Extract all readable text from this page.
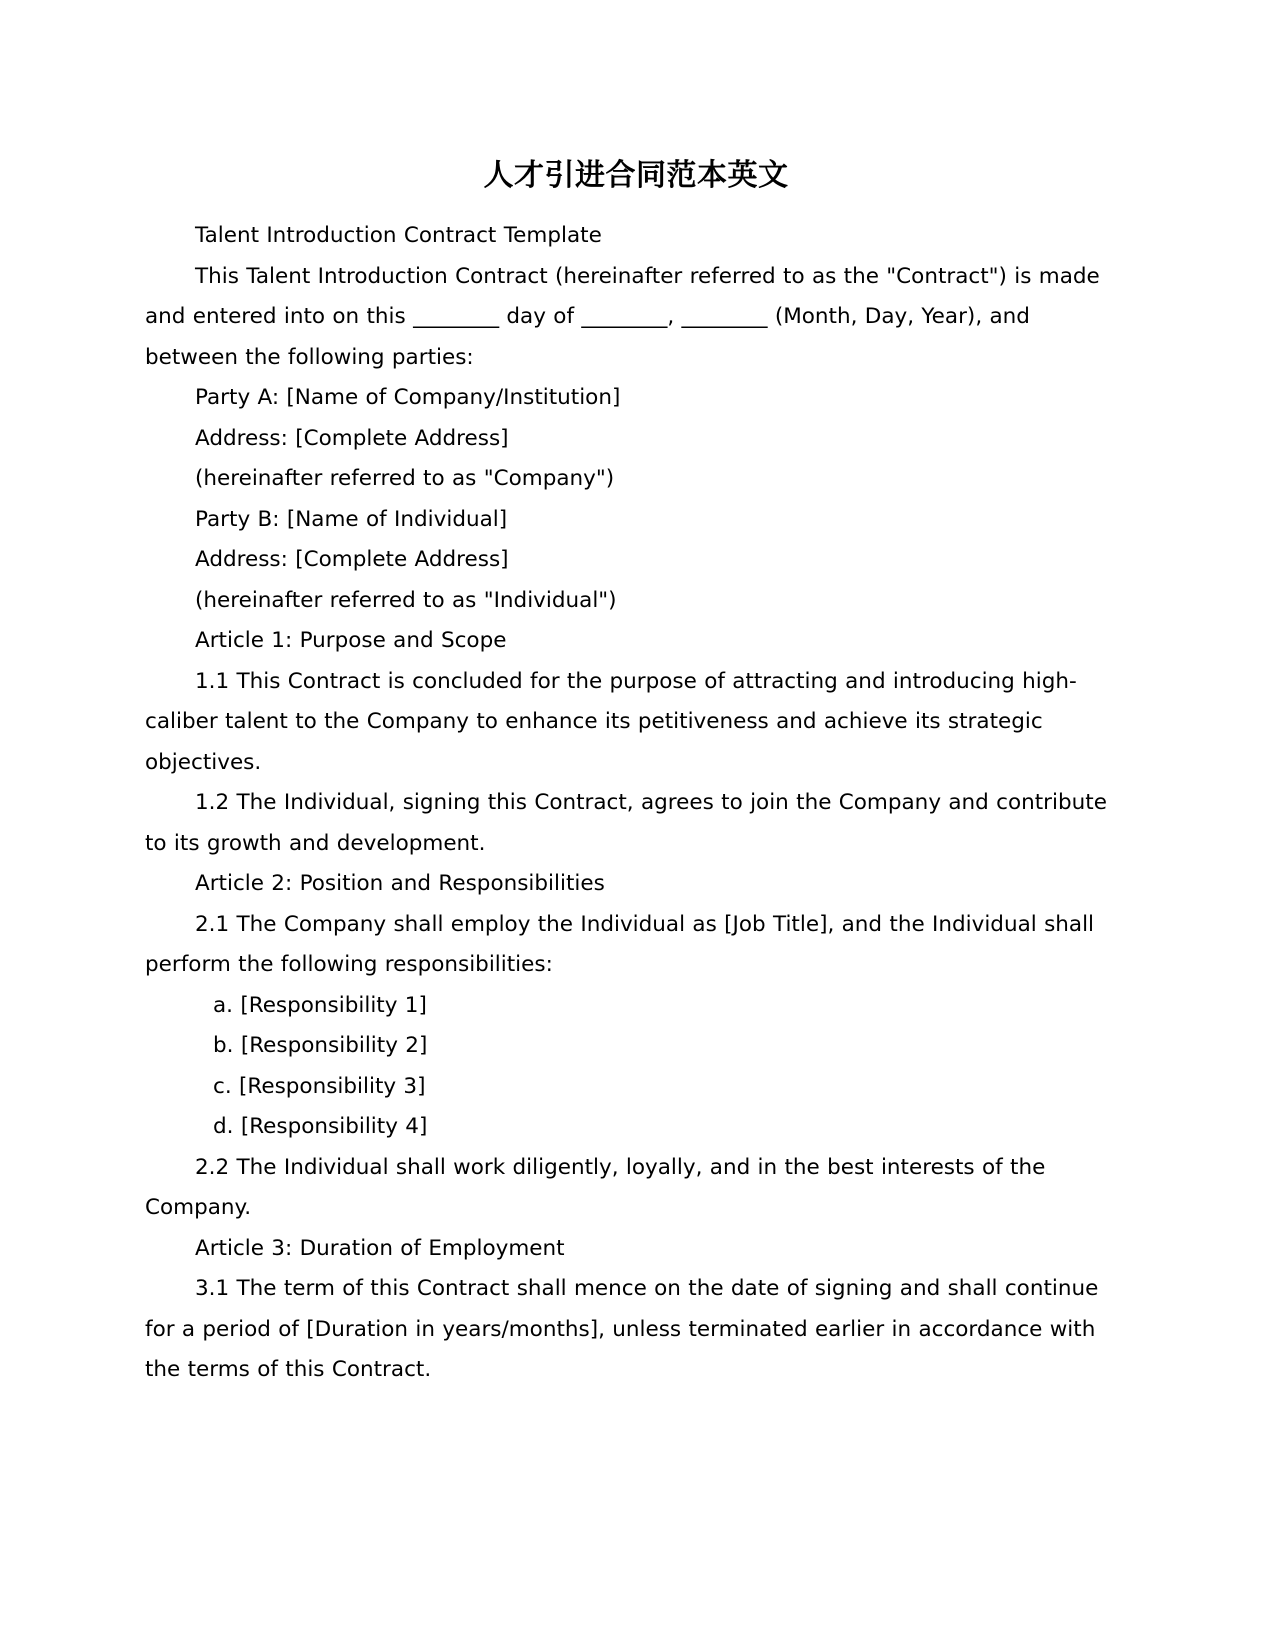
人才引进合同范本英文

Talent Introduction Contract Template

This Talent Introduction Contract (hereinafter referred to as the "Contract") is made and entered into on this ________ day of ________, ________ (Month, Day, Year), and between the following parties:

Party A: [Name of Company/Institution]

Address: [Complete Address]

(hereinafter referred to as "Company")

Party B: [Name of Individual]

Address: [Complete Address]

(hereinafter referred to as "Individual")

Article 1: Purpose and Scope

1.1 This Contract is concluded for the purpose of attracting and introducing high-caliber talent to the Company to enhance its petitiveness and achieve its strategic objectives.

1.2 The Individual, signing this Contract, agrees to join the Company and contribute to its growth and development.

Article 2: Position and Responsibilities

2.1 The Company shall employ the Individual as [Job Title], and the Individual shall perform the following responsibilities:

a. [Responsibility 1]

b. [Responsibility 2]

c. [Responsibility 3]

d. [Responsibility 4]

2.2 The Individual shall work diligently, loyally, and in the best interests of the Company.

Article 3: Duration of Employment

3.1 The term of this Contract shall mence on the date of signing and shall continue for a period of [Duration in years/months], unless terminated earlier in accordance with the terms of this Contract.
